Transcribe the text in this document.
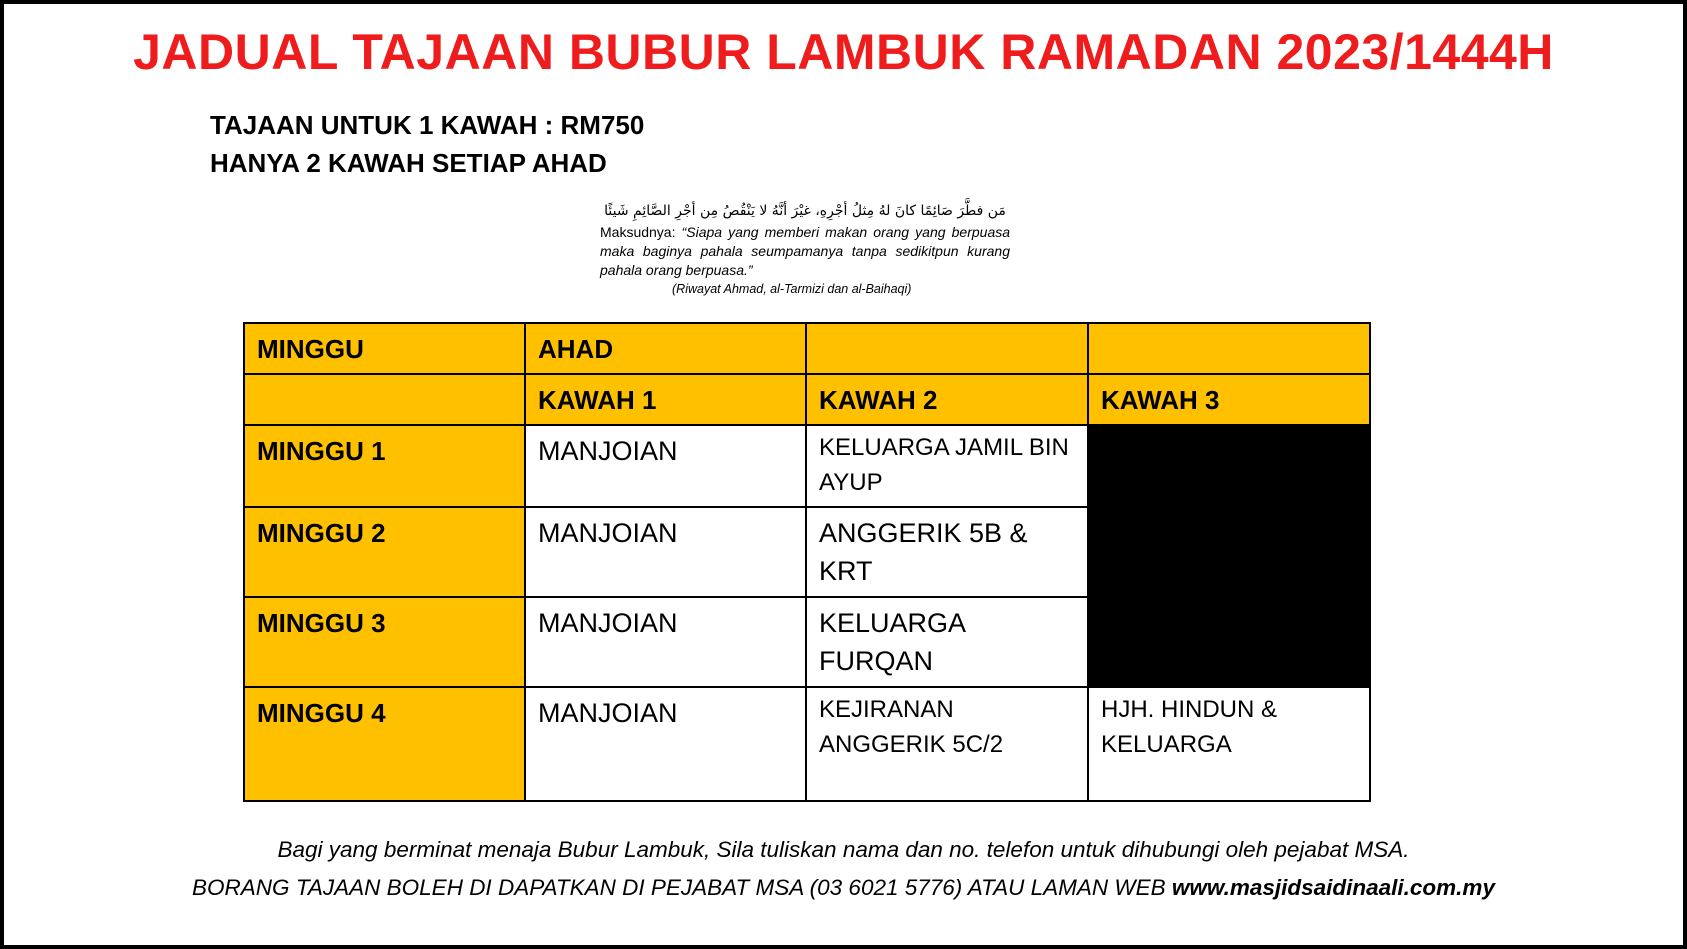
JADUAL TAJAAN BUBUR LAMBUK RAMADAN 2023/1444H
TAJAAN UNTUK 1 KAWAH : RM750
HANYA 2 KAWAH SETIAP AHAD
مَن فطَّرَ صَائِمًا كانَ لهُ مِثلُ أجْرِهِ، غيْرَ أنَّهُ لا يَنْقُصُ مِن أجْرِ الصَّائِمِ شَيئًا
Maksudnya: “Siapa yang memberi makan orang yang berpuasa maka baginya pahala seumpamanya tanpa sedikitpun kurang pahala orang berpuasa.”
(Riwayat Ahmad, al-Tarmizi dan al-Baihaqi)
MINGGU	AHAD		
	KAWAH 1	KAWAH 2	KAWAH 3
MINGGU 1	MANJOIAN	KELUARGA JAMIL BIN AYUP	
MINGGU 2	MANJOIAN	ANGGERIK 5B & KRT	
MINGGU 3	MANJOIAN	KELUARGA FURQAN	
MINGGU 4	MANJOIAN	KEJIRANAN ANGGERIK 5C/2	HJH. HINDUN & KELUARGA
Bagi yang berminat menaja Bubur Lambuk, Sila tuliskan nama dan no. telefon untuk dihubungi oleh pejabat MSA.
BORANG TAJAAN BOLEH DI DAPATKAN DI PEJABAT MSA (03 6021 5776) ATAU LAMAN WEB www.masjidsaidinaali.com.my
